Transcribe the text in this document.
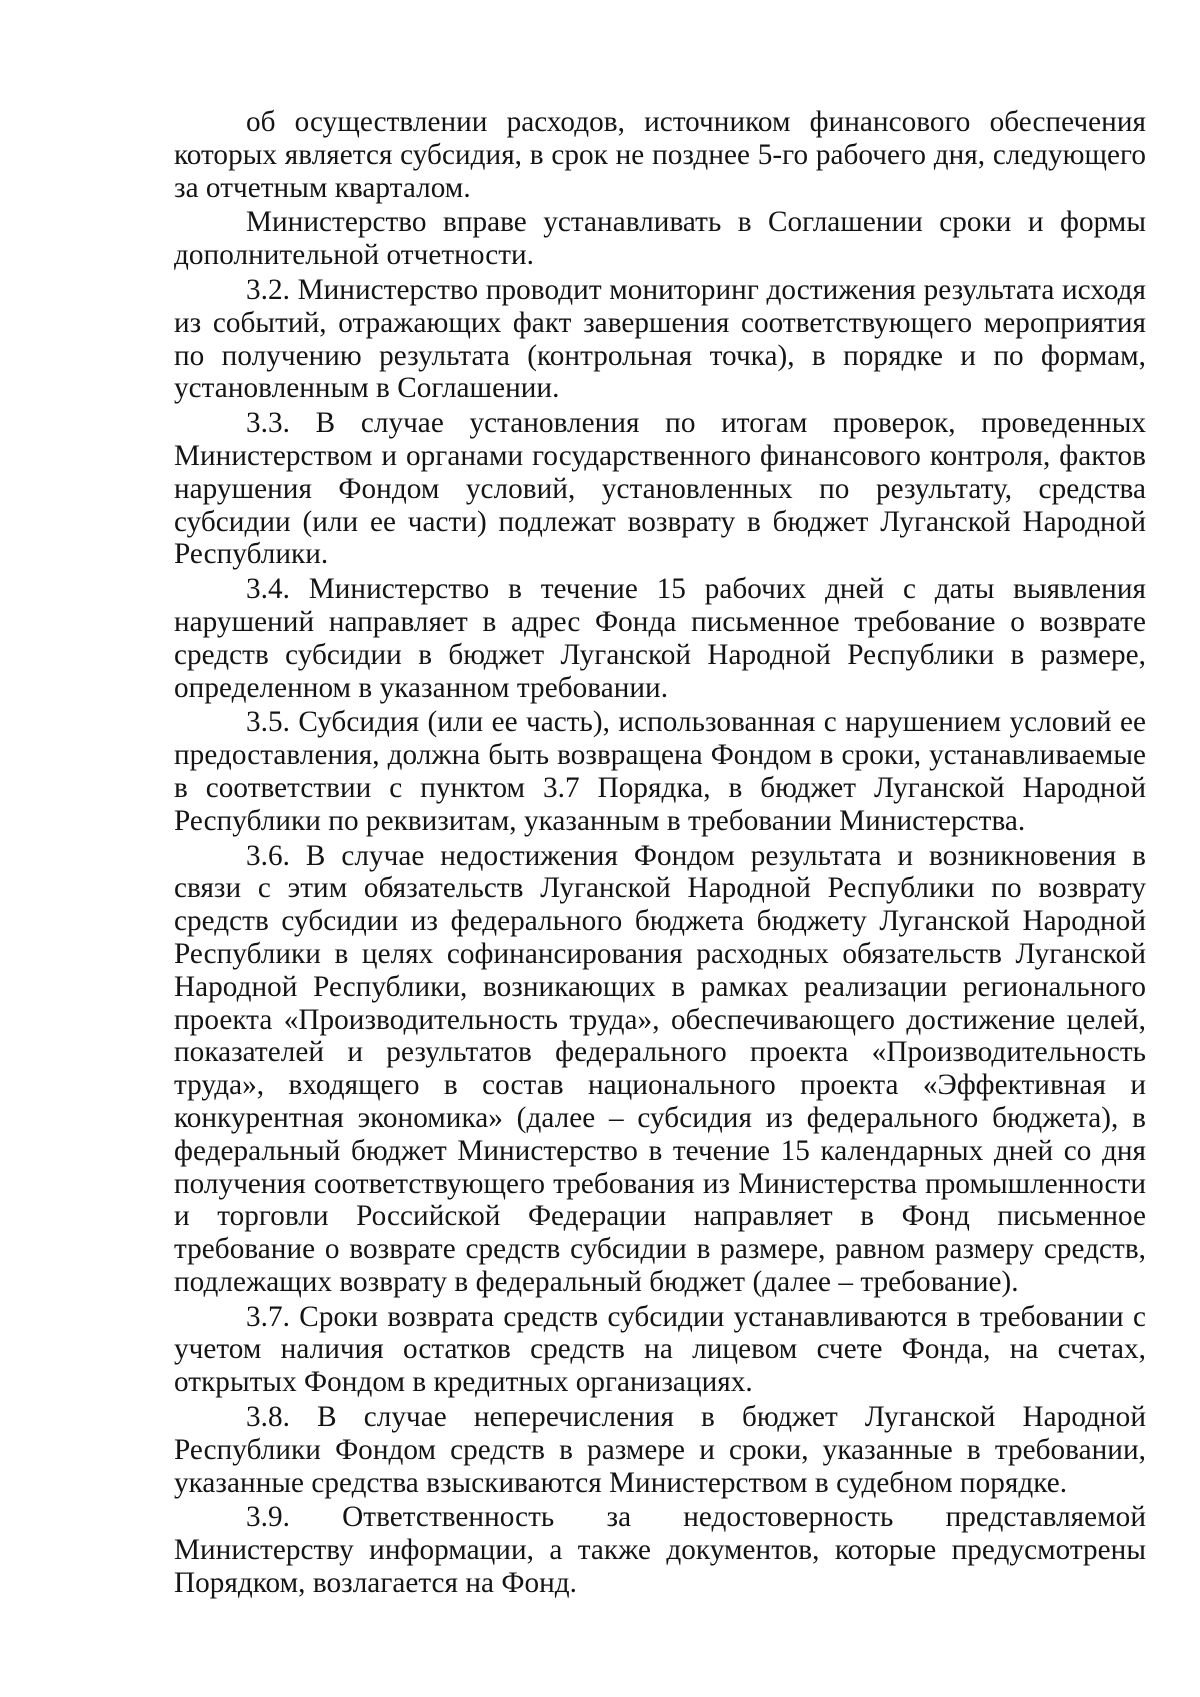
об осуществлении расходов, источником финансового обеспечения которых является субсидия, в срок не позднее 5-го рабочего дня, следующего за отчетным кварталом.

Министерство вправе устанавливать в Соглашении сроки и формы дополнительной отчетности.

3.2. Министерство проводит мониторинг достижения результата исходя из событий, отражающих факт завершения соответствующего мероприятия по получению результата (контрольная точка), в порядке и по формам, установленным в Соглашении.

3.3. В случае установления по итогам проверок, проведенных Министерством и органами государственного финансового контроля, фактов нарушения Фондом условий, установленных по результату, средства субсидии (или ее части) подлежат возврату в бюджет Луганской Народной Республики.

3.4. Министерство в течение 15 рабочих дней с даты выявления нарушений направляет в адрес Фонда письменное требование о возврате средств субсидии в бюджет Луганской Народной Республики в размере, определенном в указанном требовании.

3.5. Субсидия (или ее часть), использованная с нарушением условий ее предоставления, должна быть возвращена Фондом в сроки, устанавливаемые в соответствии с пунктом 3.7 Порядка, в бюджет Луганской Народной Республики по реквизитам, указанным в требовании Министерства.

3.6. В случае недостижения Фондом результата и возникновения в связи с этим обязательств Луганской Народной Республики по возврату средств субсидии из федерального бюджета бюджету Луганской Народной Республики в целях софинансирования расходных обязательств Луганской Народной Республики, возникающих в рамках реализации регионального проекта «Производительность труда», обеспечивающего достижение целей, показателей и результатов федерального проекта «Производительность труда», входящего в состав национального проекта «Эффективная и конкурентная экономика» (далее – субсидия из федерального бюджета), в федеральный бюджет Министерство в течение 15 календарных дней со дня получения соответствующего требования из Министерства промышленности и торговли Российской Федерации направляет в Фонд письменное требование о возврате средств субсидии в размере, равном размеру средств, подлежащих возврату в федеральный бюджет (далее – требование).

3.7. Сроки возврата средств субсидии устанавливаются в требовании с учетом наличия остатков средств на лицевом счете Фонда, на счетах, открытых Фондом в кредитных организациях.

3.8. В случае неперечисления в бюджет Луганской Народной Республики Фондом средств в размере и сроки, указанные в требовании, указанные средства взыскиваются Министерством в судебном порядке.

3.9. Ответственность за недостоверность представляемой Министерству информации, а также документов, которые предусмотрены Порядком, возлагается на Фонд.
